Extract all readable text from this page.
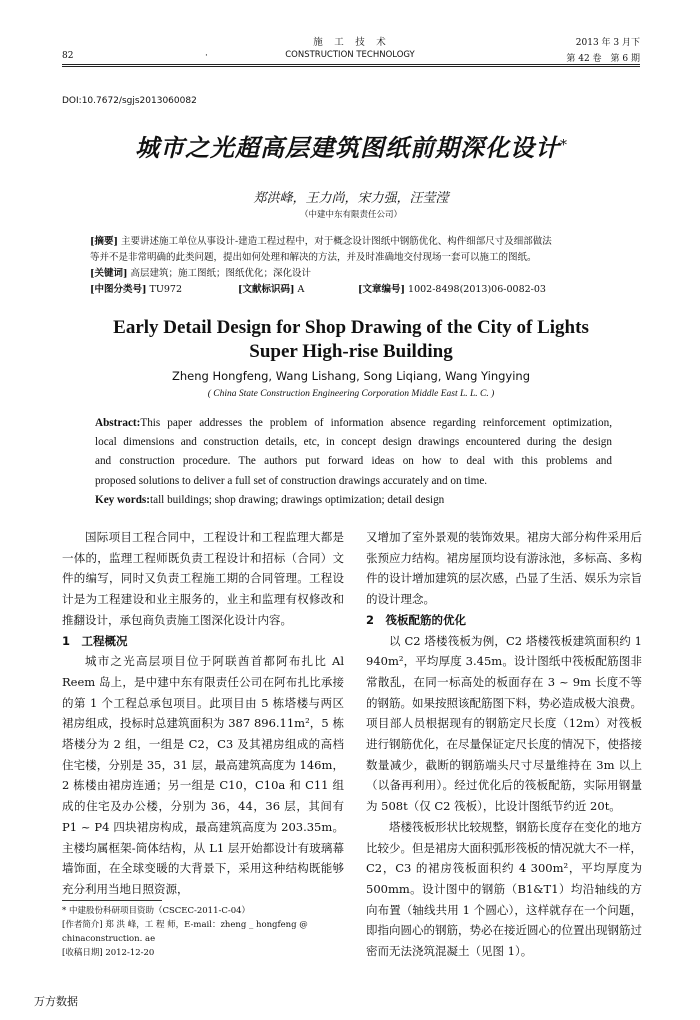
82
施　工　技　术
CONSTRUCTION TECHNOLOGY
·
2013 年 3 月下
第 42 卷　第 6 期
DOI:10.7672/sgjs2013060082
城市之光超高层建筑图纸前期深化设计*
郑洪峰，王力尚，宋力强，汪莹滢
（中建中东有限责任公司）
[摘要] 主要讲述施工单位从事设计-建造工程过程中，对于概念设计图纸中钢筋优化、构件细部尺寸及细部做法
等并不是非常明确的此类问题，提出如何处理和解决的方法，并及时准确地交付现场一套可以施工的图纸。
[关键词] 高层建筑；施工图纸；图纸优化；深化设计
[中图分类号] TU972	[文献标识码] A	[文章编号] 1002-8498(2013)06-0082-03
Early Detail Design for Shop Drawing of the City of Lights
Super High-rise Building
Zheng Hongfeng, Wang Lishang, Song Liqiang, Wang Yingying
( China State Construction Engineering Corporation Middle East L. L. C. )
Abstract:This paper addresses the problem of information absence regarding reinforcement optimization,
local dimensions and construction details, etc, in concept design drawings encountered during the design
and construction procedure. The authors put forward ideas on how to deal with this problems and
proposed solutions to deliver a full set of construction drawings accurately and on time.
Key words:tall buildings; shop drawing; drawings optimization; detail design

国际项目工程合同中，工程设计和工程监理大都是一体的，监理工程师既负责工程设计和招标（合同）文件的编写，同时又负责工程施工期的合同管理。工程设计是为工程建设和业主服务的，业主和监理有权修改和推翻设计，承包商负责施工图深化设计内容。

1　工程概况

城市之光高层项目位于阿联酋首都阿布扎比 Al Reem 岛上，是中建中东有限责任公司在阿布扎比承接的第 1 个工程总承包项目。此项目由 5 栋塔楼与两区裙房组成，投标时总建筑面积为 387 896.11m²，5 栋塔楼分为 2 组，一组是 C2，C3 及其裙房组成的高档住宅楼，分别是 35，31 层，最高建筑高度为 146m，2 栋楼由裙房连通；另一组是 C10，C10a 和 C11 组成的住宅及办公楼，分别为 36，44，36 层，其间有 P1 ~ P4 四块裙房构成，最高建筑高度为 203.35m。主楼均属框架-筒体结构，从 L1 层开始都设计有玻璃幕墙饰面，在全球变暖的大背景下，采用这种结构既能够充分利用当地日照资源，

* 中建股份科研项目资助（CSCEC-2011-C-04）
[作者简介] 郑 洪 峰，工 程 师，E-mail：zheng _ hongfeng @
chinaconstruction. ae
[收稿日期] 2012-12-20

又增加了室外景观的装饰效果。裙房大部分构件采用后张预应力结构。裙房屋顶均设有游泳池，多标高、多构件的设计增加建筑的层次感，凸显了生活、娱乐为宗旨的设计理念。

2　筏板配筋的优化

以 C2 塔楼筏板为例，C2 塔楼筏板建筑面积约 1 940m²，平均厚度 3.45m。设计图纸中筏板配筋图非常散乱，在同一标高处的板面存在 3 ~ 9m 长度不等的钢筋。如果按照该配筋图下料，势必造成极大浪费。项目部人员根据现有的钢筋定尺长度（12m）对筏板进行钢筋优化，在尽量保证定尺长度的情况下，使搭接数量减少，截断的钢筋端头尺寸尽量维持在 3m 以上（以备再利用）。经过优化后的筏板配筋，实际用钢量为 508t（仅 C2 筏板），比设计图纸节约近 20t。

塔楼筏板形状比较规整，钢筋长度存在变化的地方比较少。但是裙房大面积弧形筏板的情况就大不一样，C2，C3 的裙房筏板面积约 4 300m²，平均厚度为 500mm。设计图中的钢筋（B1&T1）均沿轴线的方向布置（轴线共用 1 个圆心），这样就存在一个问题，即指向圆心的钢筋，势必在接近圆心的位置出现钢筋过密而无法浇筑混凝土（见图 1）。

万方数据
